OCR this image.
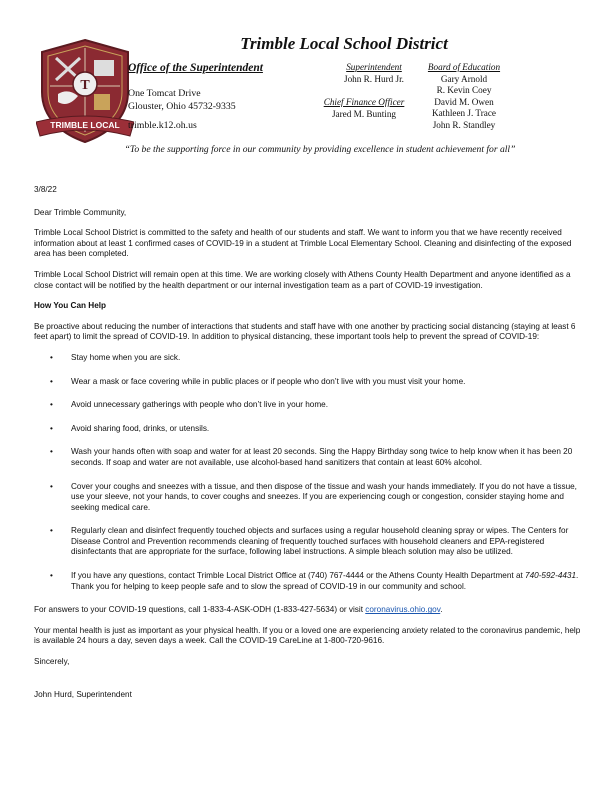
T
TRIMBLE LOCAL
Trimble Local School District
Office of the Superintendent
One Tomcat Drive
Glouster, Ohio 45732-9335
trimble.k12.oh.us
Superintendent
John R. Hurd Jr.
Chief Finance Officer
Jared M. Bunting
Board of Education
Gary Arnold
R. Kevin Coey
David M. Owen
Kathleen J. Trace
John R. Standley
“To be the supporting force in our community by providing excellence in student achievement for all”

3/8/22

Dear Trimble Community,

Trimble Local School District is committed to the safety and health of our students and staff. We want to inform you that we have recently received information about at least 1 confirmed cases of COVID-19 in a student at Trimble Local Elementary School. Cleaning and disinfecting of the exposed area has been completed.

Trimble Local School District will remain open at this time. We are working closely with Athens County Health Department and anyone identified as a close contact will be notified by the health department or our internal investigation team as a part of COVID-19 investigation.

How You Can Help

Be proactive about reducing the number of interactions that students and staff have with one another by practicing social distancing (staying at least 6 feet apart) to limit the spread of COVID-19. In addition to physical distancing, these important tools help to prevent the spread of COVID-19:

• Stay home when you are sick.
• Wear a mask or face covering while in public places or if people who don’t live with you must visit your home.
• Avoid unnecessary gatherings with people who don’t live in your home.
• Avoid sharing food, drinks, or utensils.
• Wash your hands often with soap and water for at least 20 seconds. Sing the Happy Birthday song twice to help know when it has been 20 seconds. If soap and water are not available, use alcohol-based hand sanitizers that contain at least 60% alcohol.
• Cover your coughs and sneezes with a tissue, and then dispose of the tissue and wash your hands immediately. If you do not have a tissue, use your sleeve, not your hands, to cover coughs and sneezes. If you are experiencing cough or congestion, consider staying home and seeking medical care.
• Regularly clean and disinfect frequently touched objects and surfaces using a regular household cleaning spray or wipes. The Centers for Disease Control and Prevention recommends cleaning of frequently touched surfaces with household cleaners and EPA-registered disinfectants that are appropriate for the surface, following label instructions. A simple bleach solution may also be utilized.
• If you have any questions, contact Trimble Local District Office at (740) 767-4444 or the Athens County Health Department at 740-592-4431. Thank you for helping to keep people safe and to slow the spread of COVID-19 in our community and school.

For answers to your COVID-19 questions, call 1-833-4-ASK-ODH (1-833-427-5634) or visit coronavirus.ohio.gov.

Your mental health is just as important as your physical health. If you or a loved one are experiencing anxiety related to the coronavirus pandemic, help is available 24 hours a day, seven days a week. Call the COVID-19 CareLine at 1-800-720-9616.

Sincerely,

John Hurd, Superintendent
